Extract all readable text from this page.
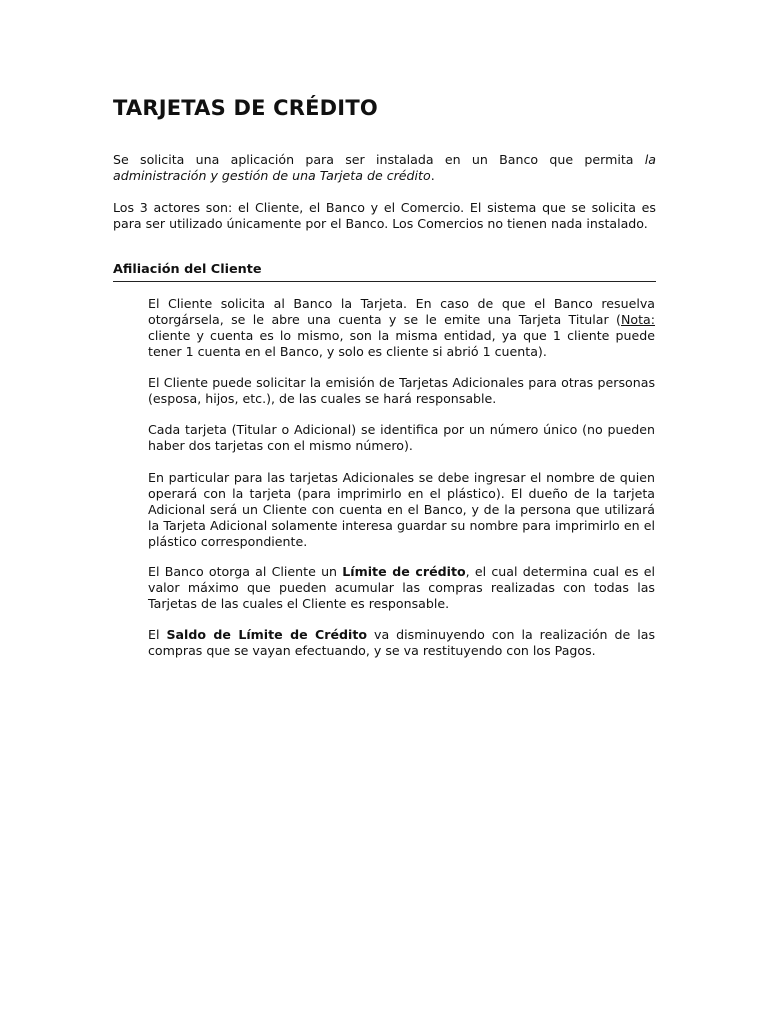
TARJETAS DE CRÉDITO

Se solicita una aplicación para ser instalada en un Banco que permita la administración y gestión de una Tarjeta de crédito.

Los 3 actores son: el Cliente, el Banco y el Comercio. El sistema que se solicita es para ser utilizado únicamente por el Banco. Los Comercios no tienen nada instalado.

Afiliación del Cliente

El Cliente solicita al Banco la Tarjeta. En caso de que el Banco resuelva otorgársela, se le abre una cuenta y se le emite una Tarjeta Titular (Nota: cliente y cuenta es lo mismo, son la misma entidad, ya que 1 cliente puede tener 1 cuenta en el Banco, y solo es cliente si abrió 1 cuenta).

El Cliente puede solicitar la emisión de Tarjetas Adicionales para otras personas (esposa, hijos, etc.), de las cuales se hará responsable.

Cada tarjeta (Titular o Adicional) se identifica por un número único (no pueden haber dos tarjetas con el mismo número).

En particular para las tarjetas Adicionales se debe ingresar el nombre de quien operará con la tarjeta (para imprimirlo en el plástico). El dueño de la tarjeta Adicional será un Cliente con cuenta en el Banco, y de la persona que utilizará la Tarjeta Adicional solamente interesa guardar su nombre para imprimirlo en el plástico correspondiente.

El Banco otorga al Cliente un Límite de crédito, el cual determina cual es el valor máximo que pueden acumular las compras realizadas con todas las Tarjetas de las cuales el Cliente es responsable.

El Saldo de Límite de Crédito va disminuyendo con la realización de las compras que se vayan efectuando, y se va restituyendo con los Pagos.
